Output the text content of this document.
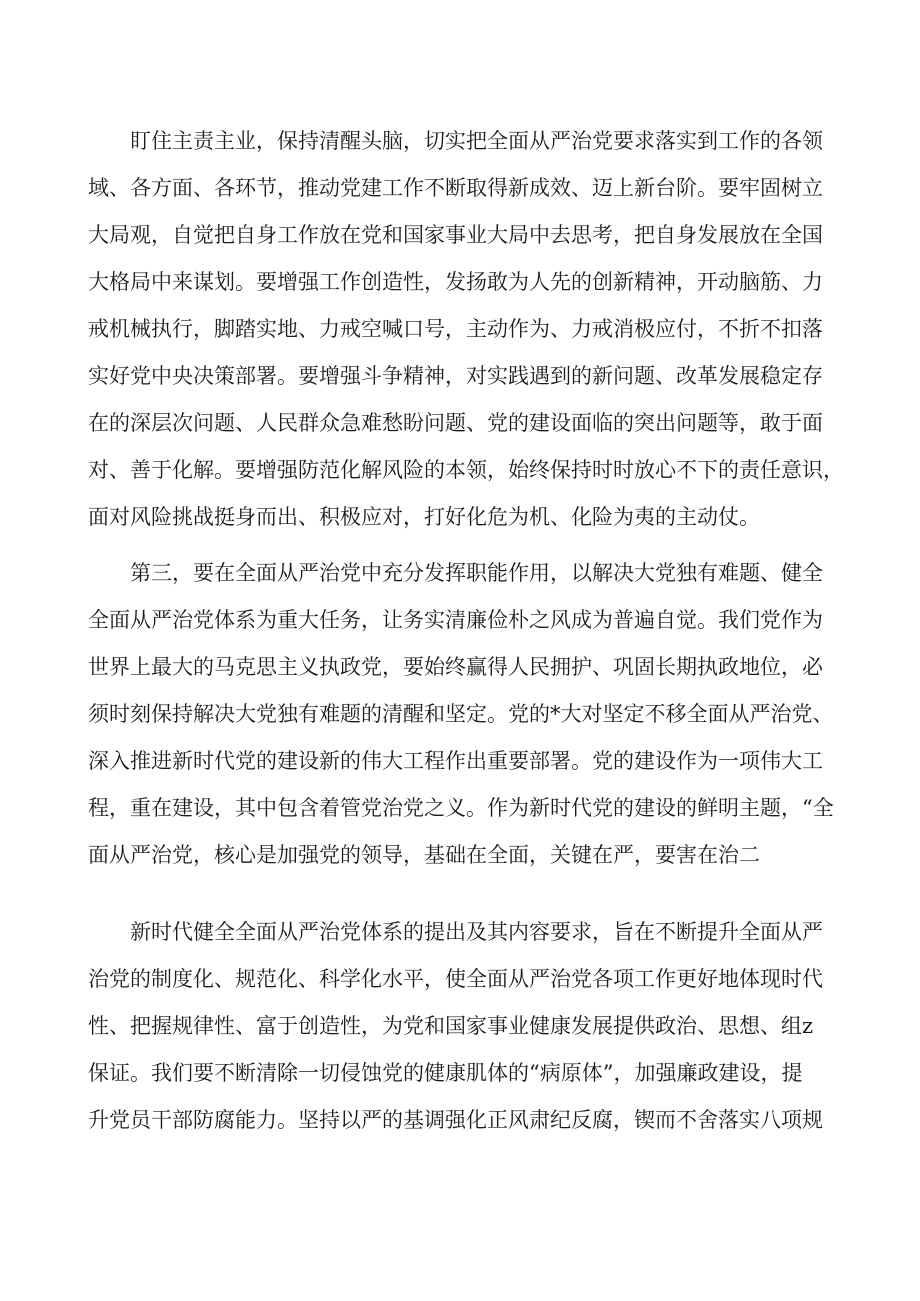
盯住主责主业，保持清醒头脑，切实把全面从严治党要求落实到工作的各领
域、各方面、各环节，推动党建工作不断取得新成效、迈上新台阶。要牢固树立
大局观，自觉把自身工作放在党和国家事业大局中去思考，把自身发展放在全国
大格局中来谋划。要增强工作创造性，发扬敢为人先的创新精神，开动脑筋、力
戒机械执行，脚踏实地、力戒空喊口号，主动作为、力戒消极应付，不折不扣落
实好党中央决策部署。要增强斗争精神，对实践遇到的新问题、改革发展稳定存
在的深层次问题、人民群众急难愁盼问题、党的建设面临的突出问题等，敢于面
对、善于化解。要增强防范化解风险的本领，始终保持时时放心不下的责任意识，
面对风险挑战挺身而出、积极应对，打好化危为机、化险为夷的主动仗。
第三，要在全面从严治党中充分发挥职能作用，以解决大党独有难题、健全
全面从严治党体系为重大任务，让务实清廉俭朴之风成为普遍自觉。我们党作为
世界上最大的马克思主义执政党，要始终赢得人民拥护、巩固长期执政地位，必
须时刻保持解决大党独有难题的清醒和坚定。党的*大对坚定不移全面从严治党、
深入推进新时代党的建设新的伟大工程作出重要部署。党的建设作为一项伟大工
程，重在建设，其中包含着管党治党之义。作为新时代党的建设的鲜明主题，“全
面从严治党，核心是加强党的领导，基础在全面，关键在严，要害在治二
新时代健全全面从严治党体系的提出及其内容要求，旨在不断提升全面从严
治党的制度化、规范化、科学化水平，使全面从严治党各项工作更好地体现时代
性、把握规律性、富于创造性，为党和国家事业健康发展提供政治、思想、组z
保证。我们要不断清除一切侵蚀党的健康肌体的“病原体”，加强廉政建设，提
升党员干部防腐能力。坚持以严的基调强化正风肃纪反腐，锲而不舍落实八项规
